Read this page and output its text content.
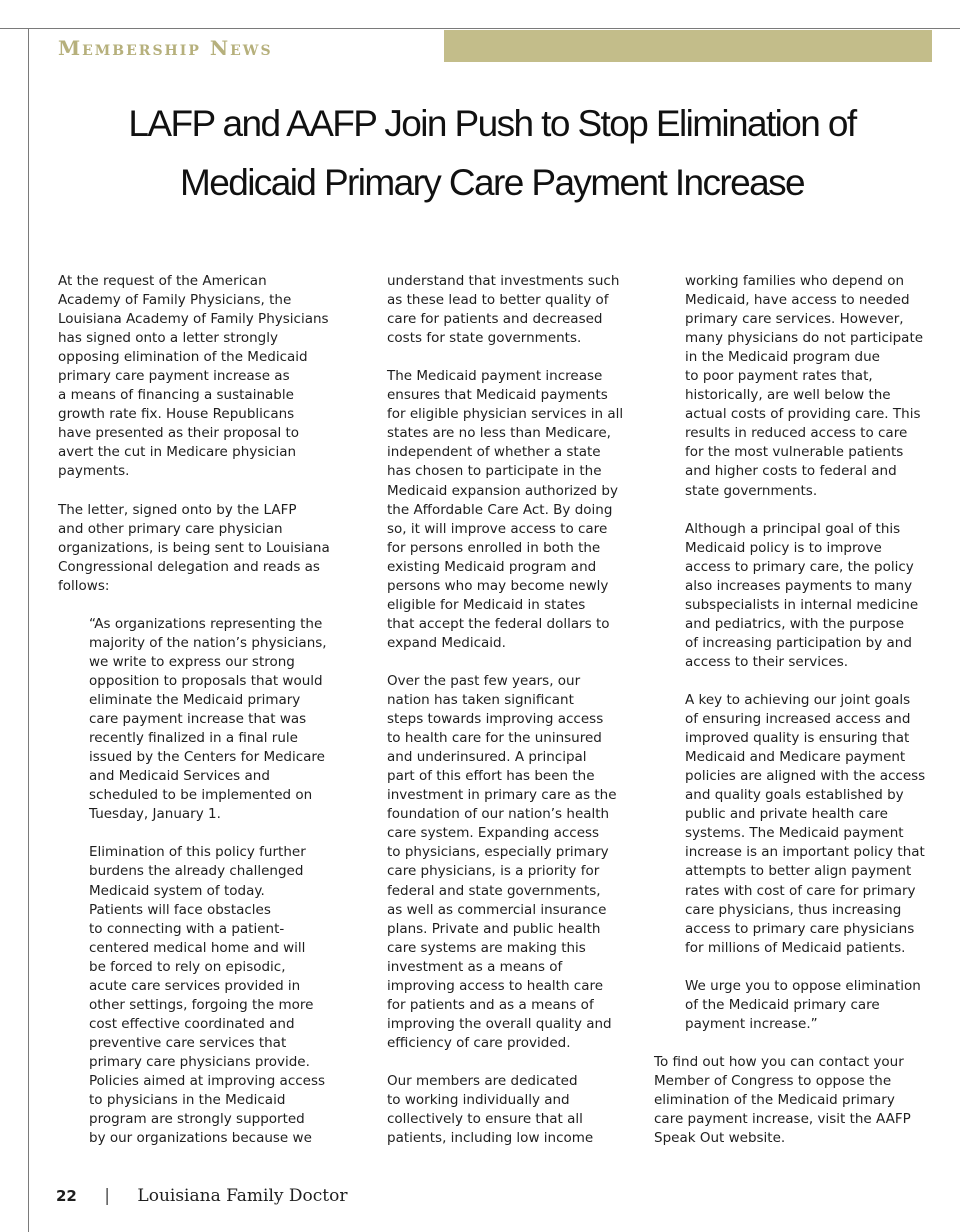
Membership News
LAFP and AAFP Join Push to Stop Elimination of
Medicaid Primary Care Payment Increase

At the request of the American
Academy of Family Physicians, the
Louisiana Academy of Family Physicians
has signed onto a letter strongly
opposing elimination of the Medicaid
primary care payment increase as
a means of financing a sustainable
growth rate fix. House Republicans
have presented as their proposal to
avert the cut in Medicare physician
payments.

The letter, signed onto by the LAFP
and other primary care physician
organizations, is being sent to Louisiana
Congressional delegation and reads as
follows:

“As organizations representing the
majority of the nation’s physicians,
we write to express our strong
opposition to proposals that would
eliminate the Medicaid primary
care payment increase that was
recently finalized in a final rule
issued by the Centers for Medicare
and Medicaid Services and
scheduled to be implemented on
Tuesday, January 1.

Elimination of this policy further
burdens the already challenged
Medicaid system of today.
Patients will face obstacles
to connecting with a patient-
centered medical home and will
be forced to rely on episodic,
acute care services provided in
other settings, forgoing the more
cost effective coordinated and
preventive care services that
primary care physicians provide.
Policies aimed at improving access
to physicians in the Medicaid
program are strongly supported
by our organizations because we

understand that investments such
as these lead to better quality of
care for patients and decreased
costs for state governments.

The Medicaid payment increase
ensures that Medicaid payments
for eligible physician services in all
states are no less than Medicare,
independent of whether a state
has chosen to participate in the
Medicaid expansion authorized by
the Affordable Care Act. By doing
so, it will improve access to care
for persons enrolled in both the
existing Medicaid program and
persons who may become newly
eligible for Medicaid in states
that accept the federal dollars to
expand Medicaid.

Over the past few years, our
nation has taken significant
steps towards improving access
to health care for the uninsured
and underinsured. A principal
part of this effort has been the
investment in primary care as the
foundation of our nation’s health
care system. Expanding access
to physicians, especially primary
care physicians, is a priority for
federal and state governments,
as well as commercial insurance
plans. Private and public health
care systems are making this
investment as a means of
improving access to health care
for patients and as a means of
improving the overall quality and
efficiency of care provided.

Our members are dedicated
to working individually and
collectively to ensure that all
patients, including low income

working families who depend on
Medicaid, have access to needed
primary care services. However,
many physicians do not participate
in the Medicaid program due
to poor payment rates that,
historically, are well below the
actual costs of providing care. This
results in reduced access to care
for the most vulnerable patients
and higher costs to federal and
state governments.

Although a principal goal of this
Medicaid policy is to improve
access to primary care, the policy
also increases payments to many
subspecialists in internal medicine
and pediatrics, with the purpose
of increasing participation by and
access to their services.

A key to achieving our joint goals
of ensuring increased access and
improved quality is ensuring that
Medicaid and Medicare payment
policies are aligned with the access
and quality goals established by
public and private health care
systems. The Medicaid payment
increase is an important policy that
attempts to better align payment
rates with cost of care for primary
care physicians, thus increasing
access to primary care physicians
for millions of Medicaid patients.

We urge you to oppose elimination
of the Medicaid primary care
payment increase.”

To find out how you can contact your
Member of Congress to oppose the
elimination of the Medicaid primary
care payment increase, visit the AAFP
Speak Out website.

22 | Louisiana Family Doctor
